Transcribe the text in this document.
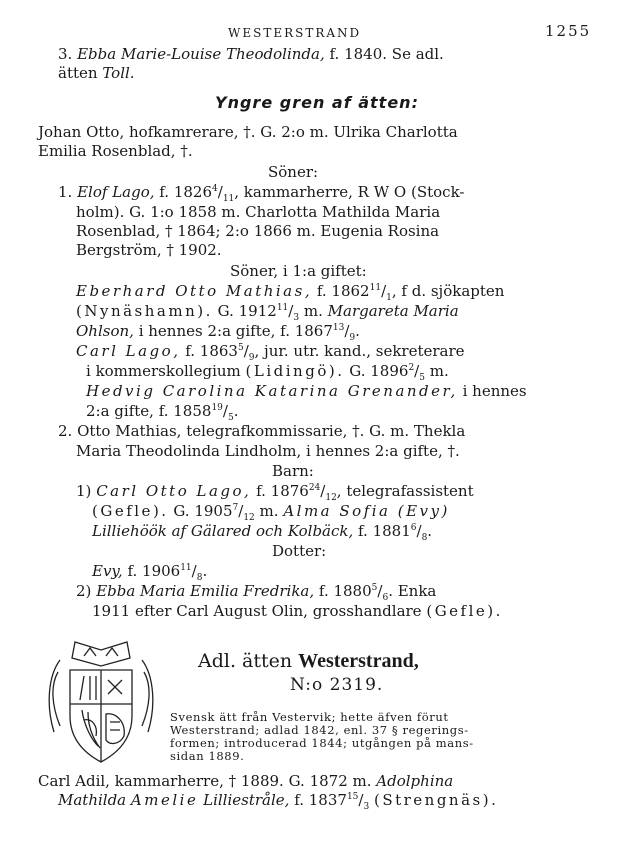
WESTERSTRAND	1255
3. Ebba Marie-Louise Theodolinda, f. 1840. Se adl.
ätten Toll.
Yngre gren af ätten:
Johan Otto, hofkamrerare, †. G. 2:o m. Ulrika Charlotta
Emilia Rosenblad, †.
Söner:
1. Elof Lago, f. $1826^4/_{11}$, kammarherre, R W O (Stock-
holm). G. 1:o 1858 m. Charlotta Mathilda Maria
Rosenblad, † 1864; 2:o 1866 m. Eugenia Rosina
Bergström, † 1902.
Söner, i 1:a giftet:
Eberhard Otto Mathias, f. $1862^{11}/_1$, f d. sjökapten
(Nynäshamn). G. $1912^{11}/_3$ m. Margareta Maria
Ohlson, i hennes 2:a gifte, f. $1867^{13}/_9$.
Carl Lago, f. $1863^5/_9$, jur. utr. kand., sekreterare
i kommerskollegium (Lidingö). G. $1896^2/_5$ m.
Hedvig Carolina Katarina Grenander, i hennes
2:a gifte, f. $1858^{19}/_5$.
2. Otto Mathias, telegrafkommissarie, †. G. m. Thekla
Maria Theodolinda Lindholm, i hennes 2:a gifte, †.
Barn:
1) Carl Otto Lago, f. $1876^{24}/_{12}$, telegrafassistent
(Gefle). G. $1905^7/_{12}$ m. Alma Sofia (Evy)
Lilliehöök af Gälared och Kolbäck, f. $1881^6/_8$.
Dotter:
Evy, f. $1906^{11}/_8$.
2) Ebba Maria Emilia Fredrika, f. $1880^5/_6$. Enka
1911 efter Carl August Olin, grosshandlare (Gefle).
Adl. ätten Westerstrand,
N:o 2319.
Svensk ätt från Vestervik; hette äfven förut
Westerstrand; adlad 1842, enl. 37 § regerings-
formen; introducerad 1844; utgången på mans-
sidan 1889.
Carl Adil, kammarherre, † 1889. G. 1872 m. Adolphina
Mathilda Amelie Lilliestråle, f. $1837^{15}/_3$ (Strengnäs).
